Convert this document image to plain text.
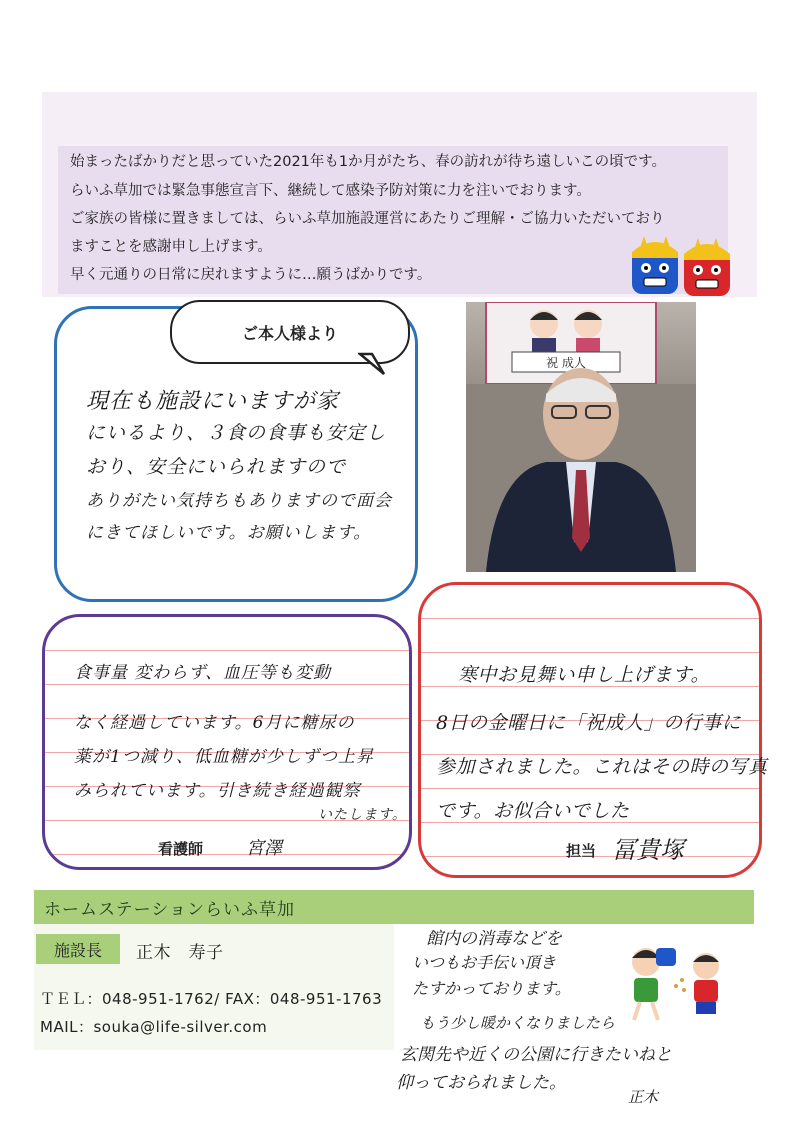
始まったばかりだと思っていた2021年も1か月がたち、春の訪れが待ち遠しいこの頃です。
らいふ草加では緊急事態宣言下、継続して感染予防対策に力を注いでおります。
ご家族の皆様に置きましては、らいふ草加施設運営にあたりご理解・ご協力いただいており
ますことを感謝申し上げます。
早く元通りの日常に戻れますように…願うばかりです。
ご本人様より
現在も施設にいますが家
にいるより、３食の食事も安定し
おり、安全にいられますので
ありがたい気持ちもありますので面会
にきてほしいです。お願いします。
祝 成人
食事量 変わらず、血圧等も変動
なく経過しています。6月に糖尿の
薬が1つ減り、低血糖が少しずつ上昇
みられています。引き続き経過観察
いたします。
看護師 宮澤
寒中お見舞い申し上げます。
8日の金曜日に「祝成人」の行事に
参加されました。これはその時の写真
です。お似合いでした
担当 冨貴塚
ホームステーションらいふ草加
施設長 正木　寿子
ＴＥＬ：048-951-1762/ FAX：048-951-1763
MAIL：souka@life-silver.com
館内の消毒などを
いつもお手伝い頂き
たすかっております。
もう少し暖かくなりましたら
玄関先や近くの公園に行きたいねと
仰っておられました。
正木
